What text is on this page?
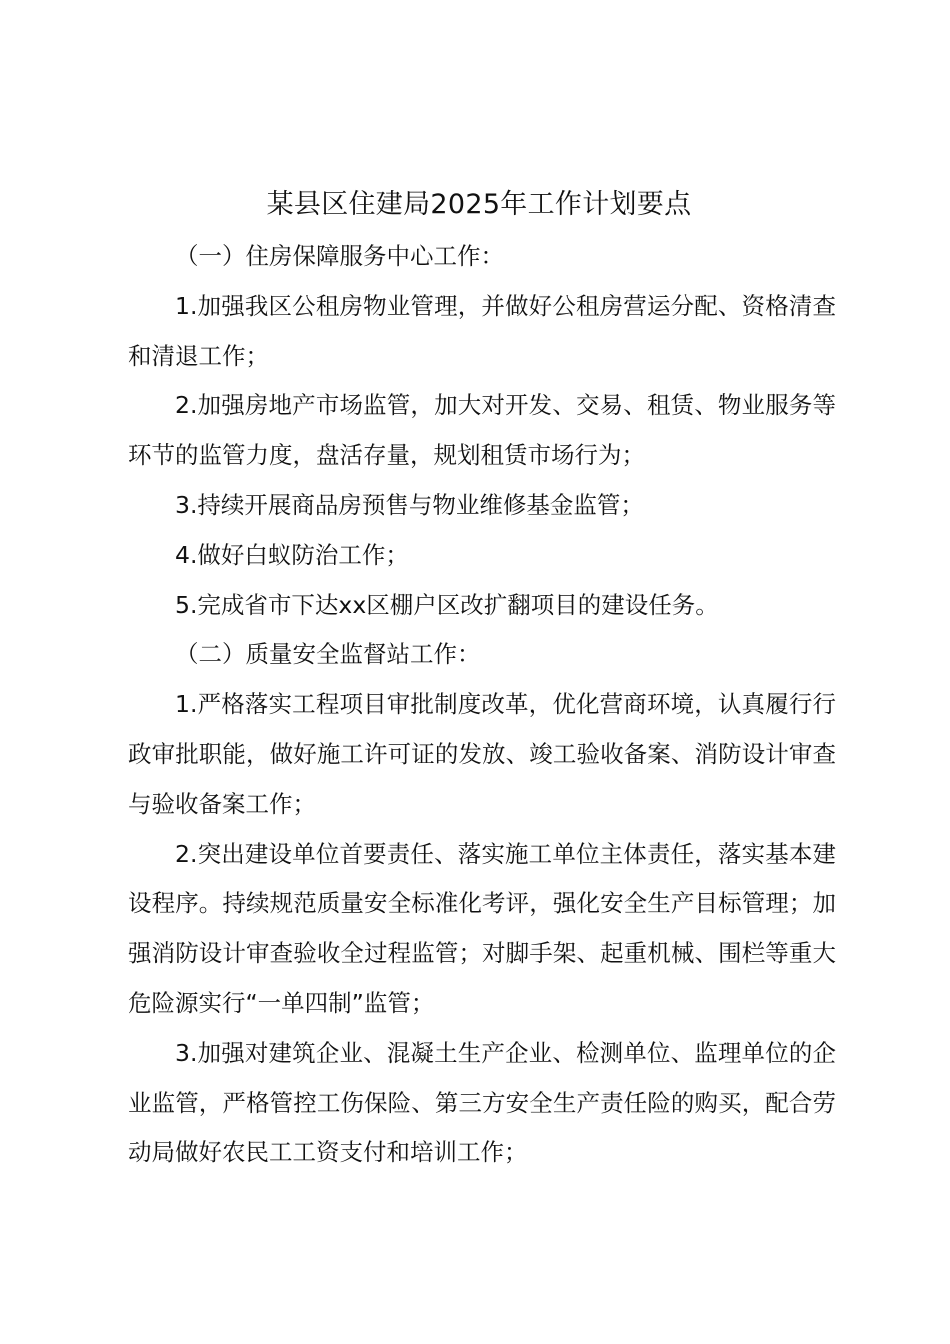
某县区住建局2025年工作计划要点

（一）住房保障服务中心工作：

1.加强我区公租房物业管理，并做好公租房营运分配、资格清查和清退工作；

2.加强房地产市场监管，加大对开发、交易、租赁、物业服务等环节的监管力度，盘活存量，规划租赁市场行为；

3.持续开展商品房预售与物业维修基金监管；

4.做好白蚁防治工作；

5.完成省市下达xx区棚户区改扩翻项目的建设任务。

（二）质量安全监督站工作：

1.严格落实工程项目审批制度改革，优化营商环境，认真履行行政审批职能，做好施工许可证的发放、竣工验收备案、消防设计审查与验收备案工作；

2.突出建设单位首要责任、落实施工单位主体责任，落实基本建设程序。持续规范质量安全标准化考评，强化安全生产目标管理；加强消防设计审查验收全过程监管；对脚手架、起重机械、围栏等重大危险源实行“一单四制”监管；

3.加强对建筑企业、混凝土生产企业、检测单位、监理单位的企业监管，严格管控工伤保险、第三方安全生产责任险的购买，配合劳动局做好农民工工资支付和培训工作；
